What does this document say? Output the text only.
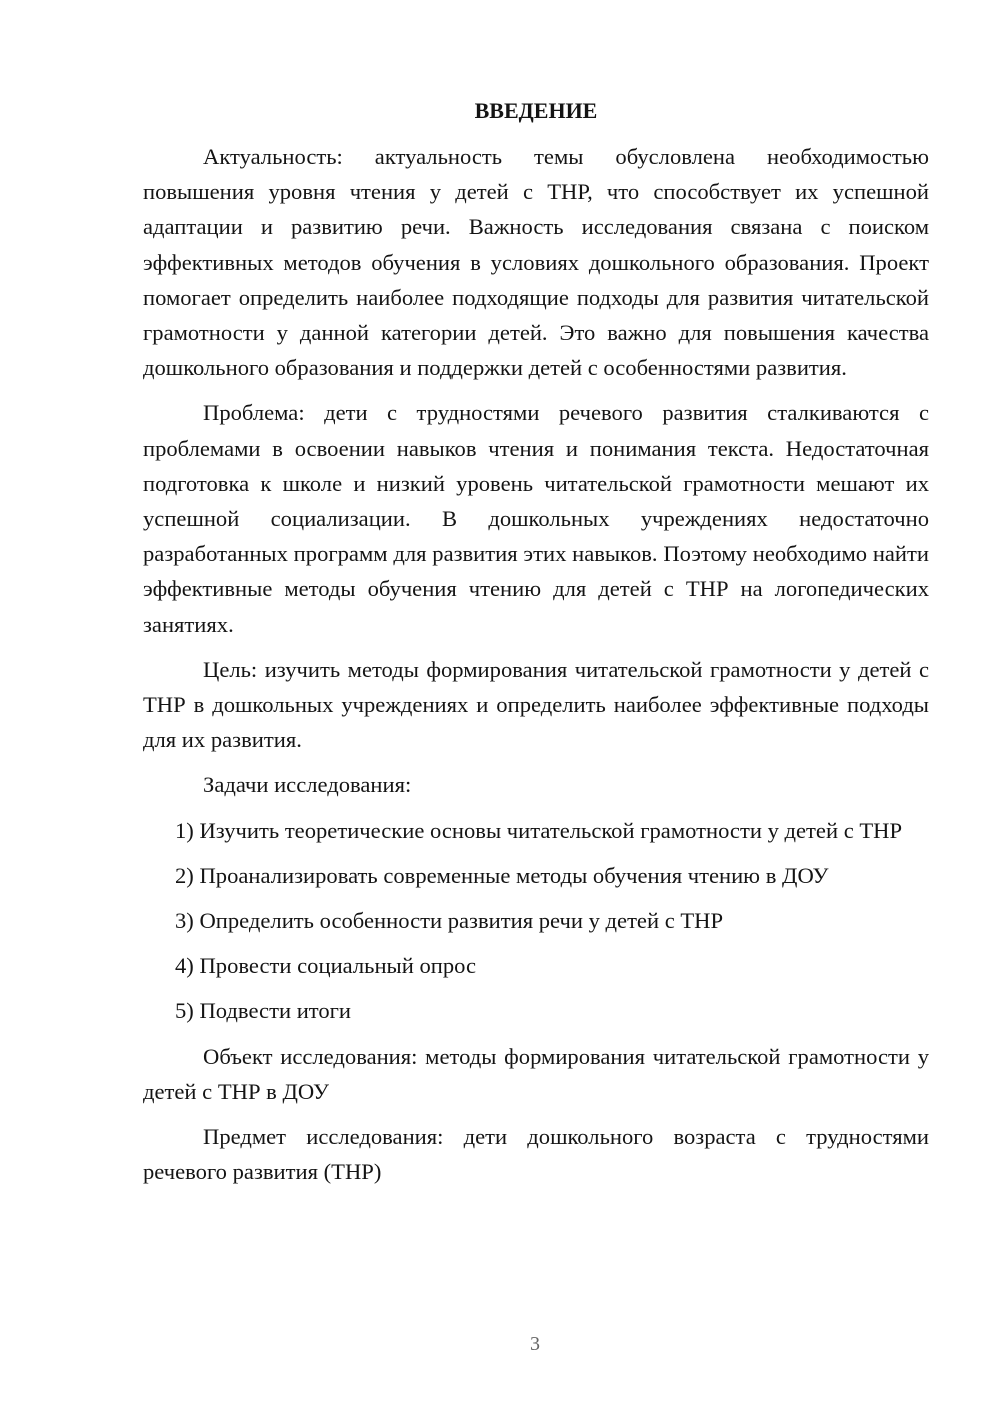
ВВЕДЕНИЕ

Актуальность: актуальность темы обусловлена необходимостью повышения уровня чтения у детей с ТНР, что способствует их успешной адаптации и развитию речи. Важность исследования связана с поиском эффективных методов обучения в условиях дошкольного образования. Проект помогает определить наиболее подходящие подходы для развития читательской грамотности у данной категории детей. Это важно для повышения качества дошкольного образования и поддержки детей с особенностями развития.

Проблема: дети с трудностями речевого развития сталкиваются с проблемами в освоении навыков чтения и понимания текста. Недостаточная подготовка к школе и низкий уровень читательской грамотности мешают их успешной социализации. В дошкольных учреждениях недостаточно разработанных программ для развития этих навыков. Поэтому необходимо найти эффективные методы обучения чтению для детей с ТНР на логопедических занятиях.

Цель: изучить методы формирования читательской грамотности у детей с ТНР в дошкольных учреждениях и определить наиболее эффективные подходы для их развития.

Задачи исследования:

1) Изучить теоретические основы читательской грамотности у детей с ТНР

2) Проанализировать современные методы обучения чтению в ДОУ

3) Определить особенности развития речи у детей с ТНР

4) Провести социальный опрос

5) Подвести итоги

Объект исследования: методы формирования читательской грамотности у детей с ТНР в ДОУ

Предмет исследования: дети дошкольного возраста с трудностями речевого развития (ТНР)

3
